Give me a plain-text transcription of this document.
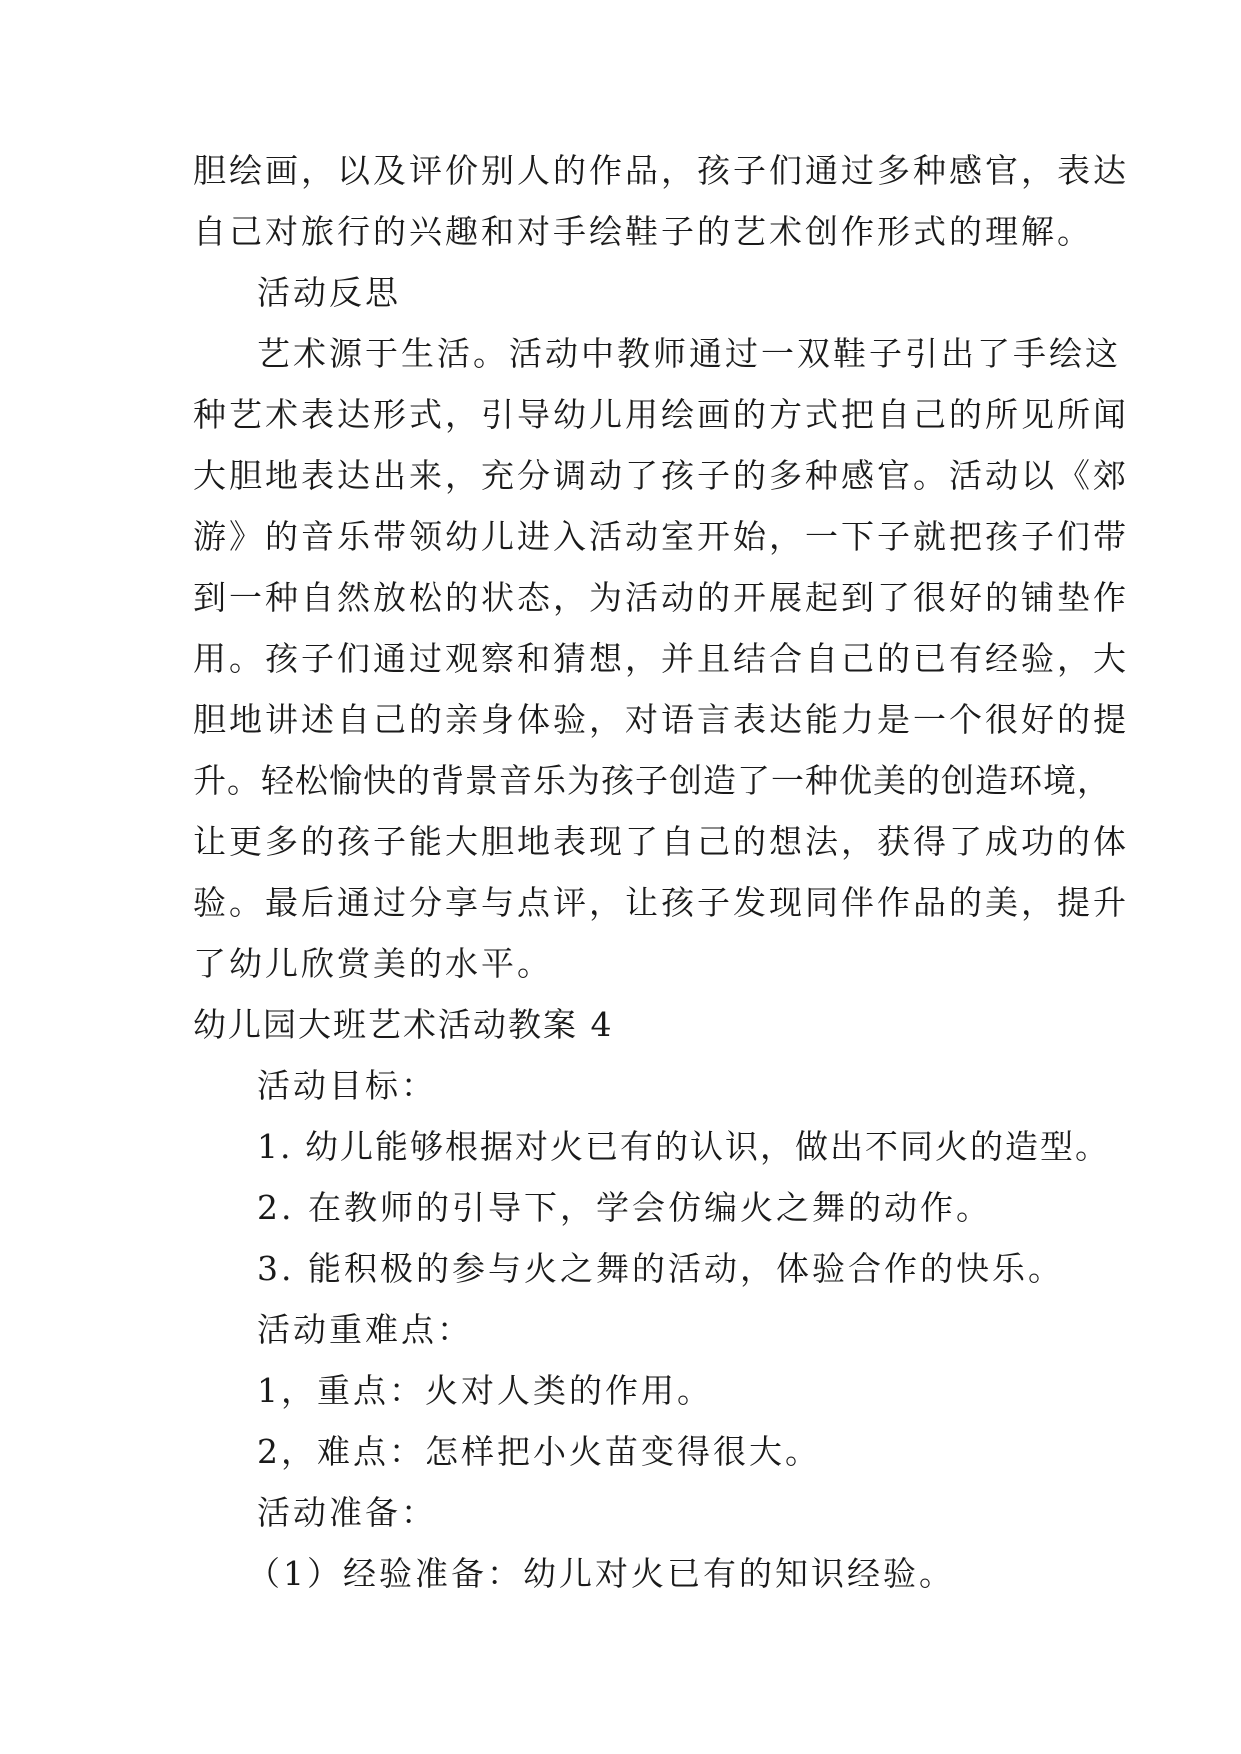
胆绘画，以及评价别人的作品，孩子们通过多种感官，表达
自己对旅行的兴趣和对手绘鞋子的艺术创作形式的理解。
活动反思
艺术源于生活。活动中教师通过一双鞋子引出了手绘这
种艺术表达形式，引导幼儿用绘画的方式把自己的所见所闻
大胆地表达出来，充分调动了孩子的多种感官。活动以《郊
游》的音乐带领幼儿进入活动室开始，一下子就把孩子们带
到一种自然放松的状态，为活动的开展起到了很好的铺垫作
用。孩子们通过观察和猜想，并且结合自己的已有经验，大
胆地讲述自己的亲身体验，对语言表达能力是一个很好的提
升。轻松愉快的背景音乐为孩子创造了一种优美的创造环境，
让更多的孩子能大胆地表现了自己的想法，获得了成功的体
验。最后通过分享与点评，让孩子发现同伴作品的美，提升
了幼儿欣赏美的水平。
幼儿园大班艺术活动教案 4
活动目标：
1. 幼儿能够根据对火已有的认识，做出不同火的造型。
2. 在教师的引导下，学会仿编火之舞的动作。
3. 能积极的参与火之舞的活动，体验合作的快乐。
活动重难点：
1，重点：火对人类的作用。
2，难点：怎样把小火苗变得很大。
活动准备：
（1）经验准备：幼儿对火已有的知识经验。
